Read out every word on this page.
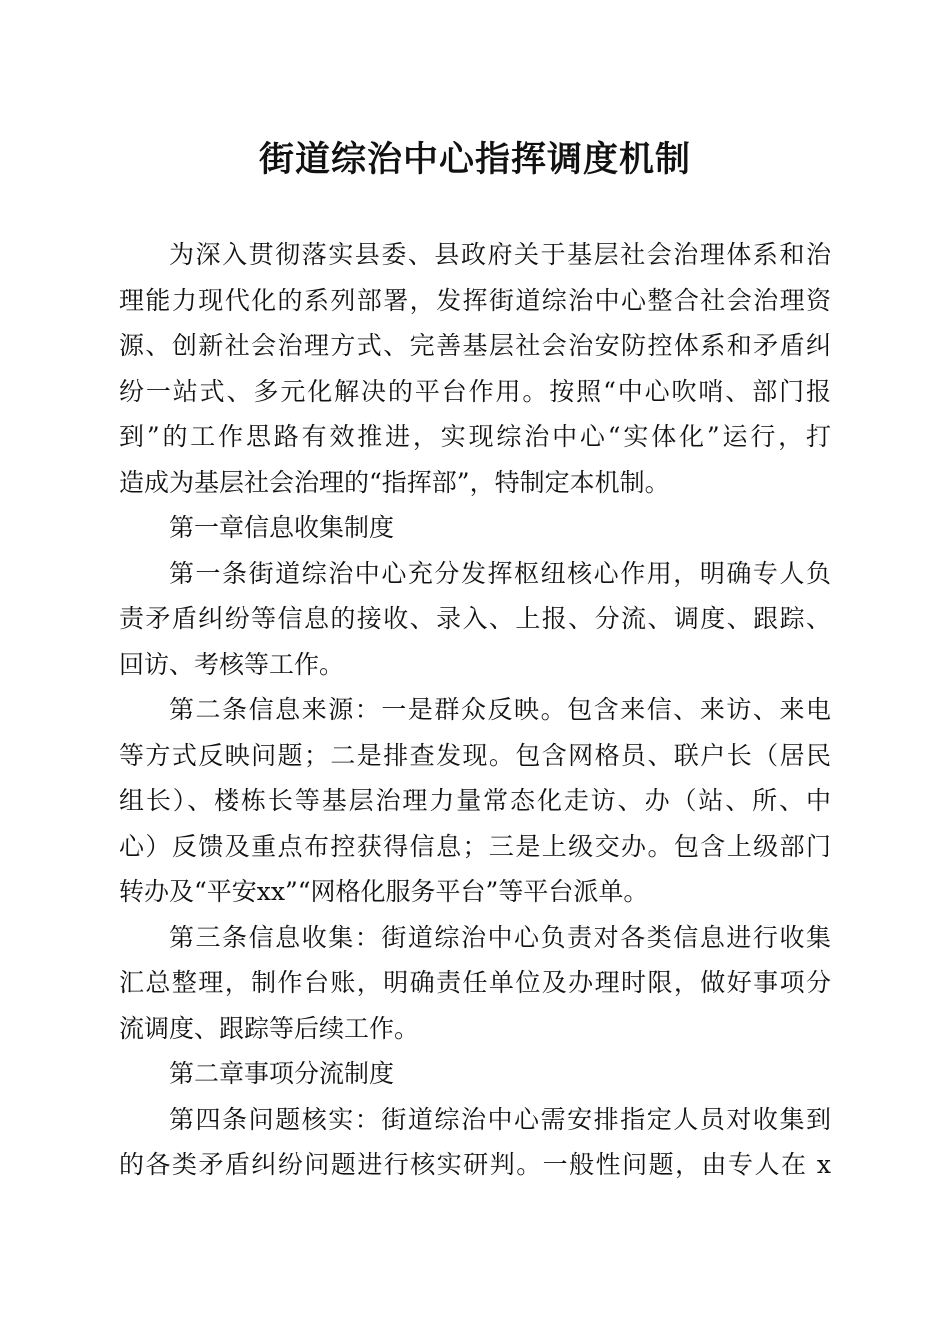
街道综治中心指挥调度机制
为深入贯彻落实县委、县政府关于基层社会治理体系和治
理能力现代化的系列部署，发挥街道综治中心整合社会治理资
源、创新社会治理方式、完善基层社会治安防控体系和矛盾纠
纷一站式、多元化解决的平台作用。按照“中心吹哨、部门报
到”的工作思路有效推进，实现综治中心“实体化”运行，打
造成为基层社会治理的“指挥部”，特制定本机制。
第一章信息收集制度
第一条街道综治中心充分发挥枢纽核心作用，明确专人负
责矛盾纠纷等信息的接收、录入、上报、分流、调度、跟踪、
回访、考核等工作。
第二条信息来源：一是群众反映。包含来信、来访、来电
等方式反映问题；二是排查发现。包含网格员、联户长（居民
组长）、楼栋长等基层治理力量常态化走访、办（站、所、中
心）反馈及重点布控获得信息；三是上级交办。包含上级部门
转办及“平安xx”“网格化服务平台”等平台派单。
第三条信息收集：街道综治中心负责对各类信息进行收集
汇总整理，制作台账，明确责任单位及办理时限，做好事项分
流调度、跟踪等后续工作。
第二章事项分流制度
第四条问题核实：街道综治中心需安排指定人员对收集到
的各类矛盾纠纷问题进行核实研判。一般性问题，由专人在 x
